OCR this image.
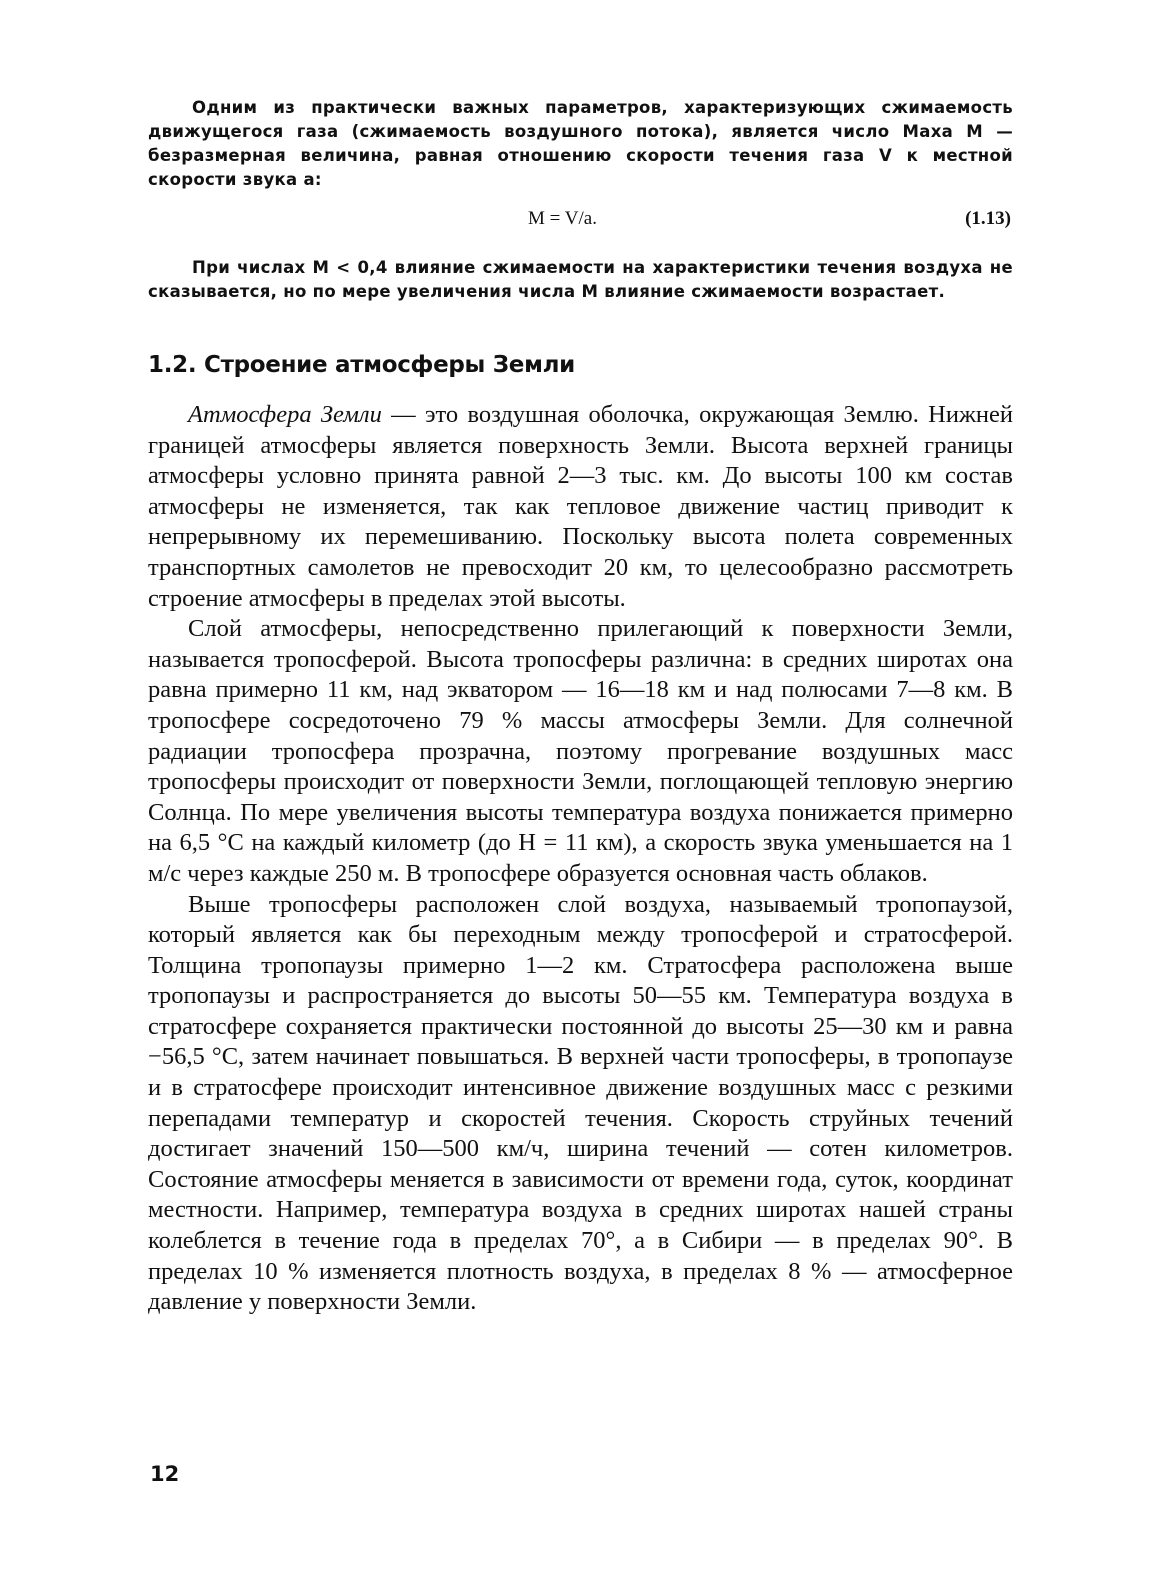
Одним из практически важных параметров, характеризующих сжимаемость движущегося газа (сжимаемость воздушного потока), является число Маха М — безразмерная величина, равная отношению скорости течения газа V к местной скорости звука a:

M = V/a.	(1.13)

При числах М < 0,4 влияние сжимаемости на характеристики течения воздуха не сказывается, но по мере увеличения числа М влияние сжимаемости возрастает.

1.2. Строение атмосферы Земли

Атмосфера Земли — это воздушная оболочка, окружающая Землю. Нижней границей атмосферы является поверхность Земли. Высота верхней границы атмосферы условно принята равной 2—3 тыс. км. До высоты 100 км состав атмосферы не изменяется, так как тепловое движение частиц приводит к непрерывному их перемешиванию. Поскольку высота полета современных транспортных самолетов не превосходит 20 км, то целесообразно рассмотреть строение атмосферы в пределах этой высоты.

Слой атмосферы, непосредственно прилегающий к поверхности Земли, называется тропосферой. Высота тропосферы различна: в средних широтах она равна примерно 11 км, над экватором — 16—18 км и над полюсами 7—8 км. В тропосфере сосредоточено 79 % массы атмосферы Земли. Для солнечной радиации тропосфера прозрачна, поэтому прогревание воздушных масс тропосферы происходит от поверхности Земли, поглощающей тепловую энергию Солнца. По мере увеличения высоты температура воздуха понижается примерно на 6,5 °С на каждый километр (до Н = 11 км), а скорость звука уменьшается на 1 м/с через каждые 250 м. В тропосфере образуется основная часть облаков.

Выше тропосферы расположен слой воздуха, называемый тропопаузой, который является как бы переходным между тропосферой и стратосферой. Толщина тропопаузы примерно 1—2 км. Стратосфера расположена выше тропопаузы и распространяется до высоты 50—55 км. Температура воздуха в стратосфере сохраняется практически постоянной до высоты 25—30 км и равна −56,5 °С, затем начинает повышаться. В верхней части тропосферы, в тропопаузе и в стратосфере происходит интенсивное движение воздушных масс с резкими перепадами температур и скоростей течения. Скорость струйных течений достигает значений 150—500 км/ч, ширина течений — сотен километров. Состояние атмосферы меняется в зависимости от времени года, суток, координат местности. Например, температура воздуха в средних широтах нашей страны колеблется в течение года в пределах 70°, а в Сибири — в пределах 90°. В пределах 10 % изменяется плотность воздуха, в пределах 8 % — атмосферное давление у поверхности Земли.

12
